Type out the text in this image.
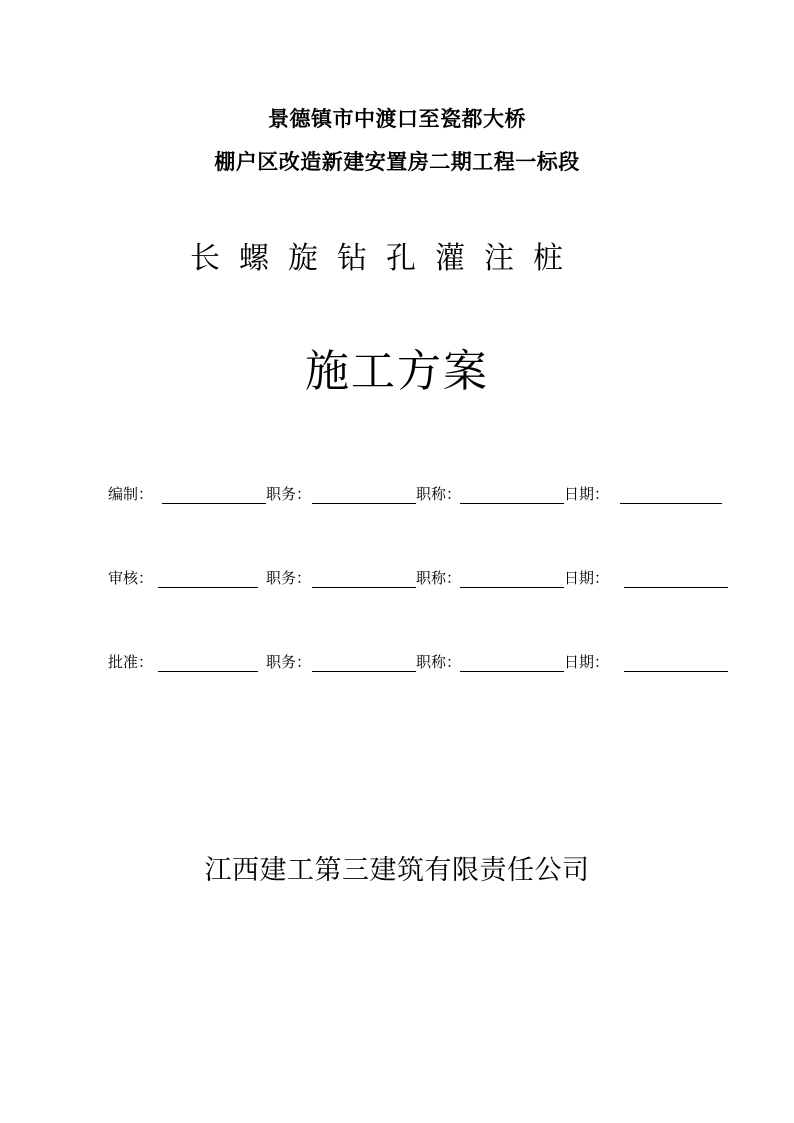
景德镇市中渡口至瓷都大桥
棚户区改造新建安置房二期工程一标段
长螺旋钻孔灌注桩
施工方案
编制：	职务：	职称：	日期：
审核：	职务：	职称：	日期：
批准：	职务：	职称：	日期：
江西建工第三建筑有限责任公司
